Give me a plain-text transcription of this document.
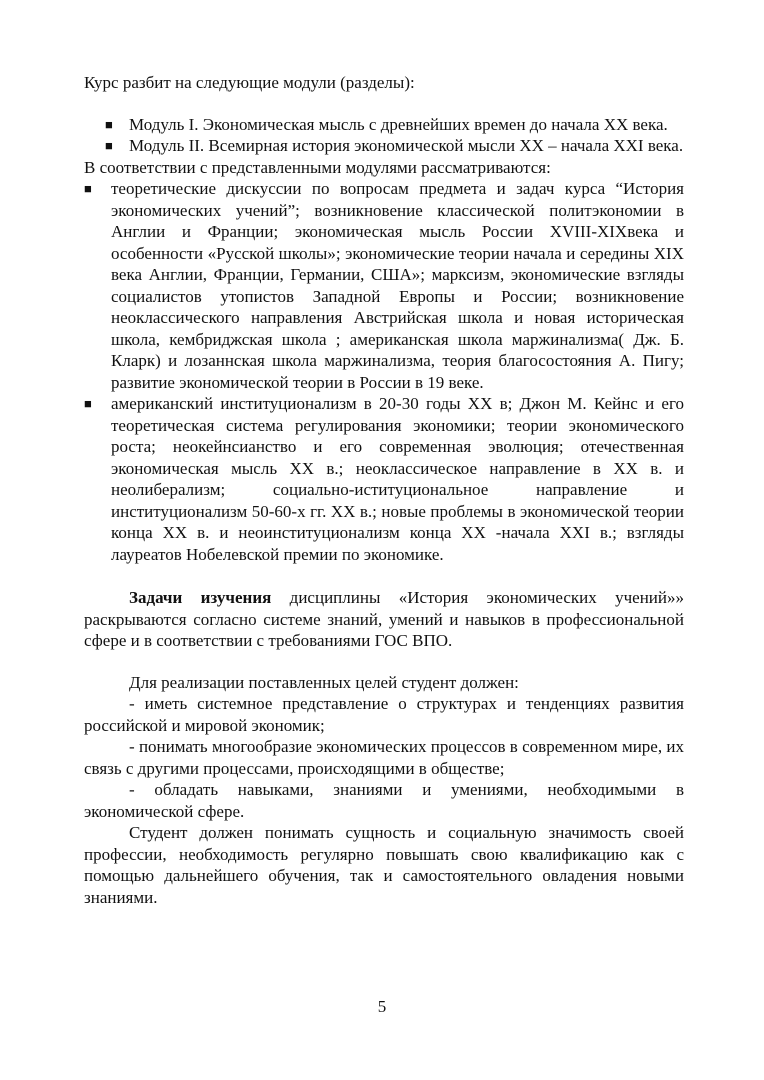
Курс разбит на следующие модули (разделы):

■ Модуль I. Экономическая мысль с древнейших времен до начала XX века.
■ Модуль II. Всемирная история экономической мысли XX – начала XXI века.

В соответствии с представленными модулями рассматриваются:

■ теоретические дискуссии по вопросам предмета и задач курса “История экономических учений”; возникновение классической политэкономии в Англии и Франции; экономическая мысль России XVIII-XIXвека и особенности «Русской школы»; экономические теории начала и середины XIX века Англии, Франции, Германии, США»; марксизм, экономические взгляды социалистов утопистов Западной Европы и России; возникновение неоклассического направления Австрийская школа и новая историческая школа, кембриджская школа ; американская школа маржинализма( Дж. Б. Кларк) и лозаннская школа маржинализма, теория благосостояния А. Пигу; развитие экономической теории в России в 19 веке.
■ американский институционализм в 20-30 годы XX в; Джон М. Кейнс и его теоретическая система регулирования экономики; теории экономического роста; неокейнсианство и его современная эволюция; отечественная экономическая мысль XX в.; неоклассическое направление в XX в. и неолиберализм; социально-иституциональное направление и институционализм 50-60-х гг. XX в.; новые проблемы в экономической теории конца XX в. и неоинституционализм конца XX -начала XXI в.; взгляды лауреатов Нобелевской премии по экономике.

Задачи изучения дисциплины «История экономических учений»» раскрываются согласно системе знаний, умений и навыков в профессиональной сфере и в соответствии с требованиями ГОС ВПО.

Для реализации поставленных целей студент должен:

- иметь системное представление о структурах и тенденциях развития российской и мировой экономик;

- понимать многообразие экономических процессов в современном мире, их связь с другими процессами, происходящими в обществе;

- обладать навыками, знаниями и умениями, необходимыми в экономической сфере.

Студент должен понимать сущность и социальную значимость своей профессии, необходимость регулярно повышать свою квалификацию как с помощью дальнейшего обучения, так и самостоятельного овладения новыми знаниями.

5
